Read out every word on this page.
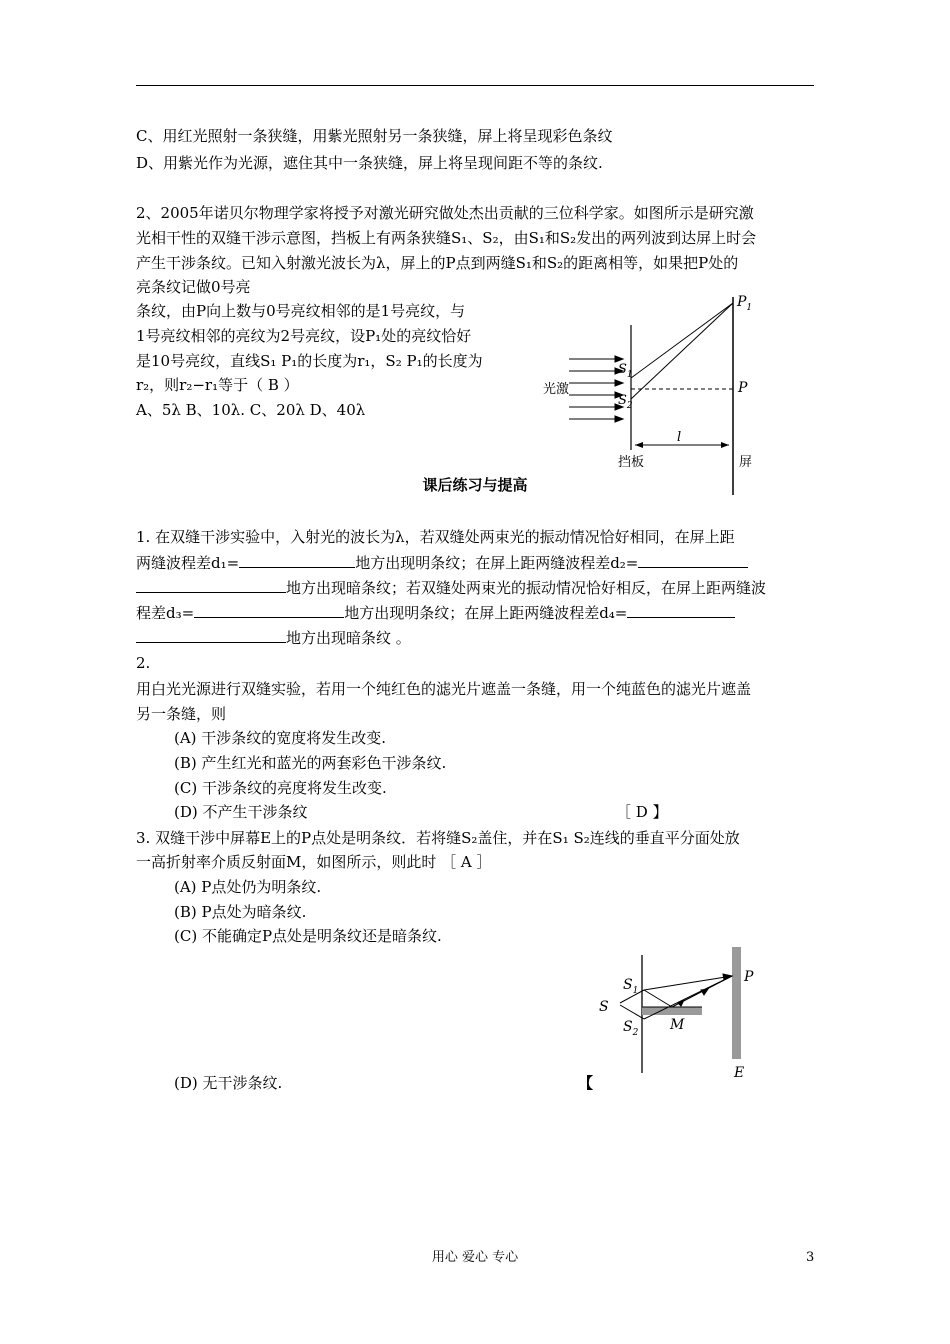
C、用红光照射一条狭缝，用紫光照射另一条狭缝，屏上将呈现彩色条纹
D、用紫光作为光源，遮住其中一条狭缝，屏上将呈现间距不等的条纹.
2、2005年诺贝尔物理学家将授予对激光研究做处杰出贡献的三位科学家。如图所示是研究激
光相干性的双缝干涉示意图，挡板上有两条狭缝S₁、S₂，由S₁和S₂发出的两列波到达屏上时会
产生干涉条纹。已知入射激光波长为λ，屏上的P点到两缝S₁和S₂的距离相等，如果把P处的
亮条纹记做0号亮
条纹，由P向上数与0号亮纹相邻的是1号亮纹，与
1号亮纹相邻的亮纹为2号亮纹，设P₁处的亮纹恰好
是10号亮纹，直线S₁ P₁的长度为r₁，S₂ P₁的长度为
r₂，则r₂−r₁等于（ B ）
A、5λ B、10λ. C、20λ D、40λ
$P_1$
$S_1$
$S_2$
P
光激
l
挡板	屏
课后练习与提高
1. 在双缝干涉实验中，入射光的波长为λ，若双缝处两束光的振动情况恰好相同，在屏上距
两缝波程差d₁=	地方出现明条纹；在屏上距两缝波程差d₂=
地方出现暗条纹；若双缝处两束光的振动情况恰好相反，在屏上距两缝波
程差d₃=	地方出现明条纹；在屏上距两缝波程差d₄=
地方出现暗条纹 。
2.
用白光光源进行双缝实验，若用一个纯红色的滤光片遮盖一条缝，用一个纯蓝色的滤光片遮盖
另一条缝，则
(A) 干涉条纹的宽度将发生改变.
(B) 产生红光和蓝光的两套彩色干涉条纹.
(C) 干涉条纹的亮度将发生改变.
(D) 不产生干涉条纹	［ D 】
3. 双缝干涉中屏幕E上的P点处是明条纹．若将缝S₂盖住，并在S₁ S₂连线的垂直平分面处放
一高折射率介质反射面M，如图所示，则此时 ［ A ］
(A) P点处仍为明条纹.
(B) P点处为暗条纹.
(C) 不能确定P点处是明条纹还是暗条纹.
$S_1$
$S_2$
S
M
P
E
(D) 无干涉条纹.	【
用心 爱心 专心	3
